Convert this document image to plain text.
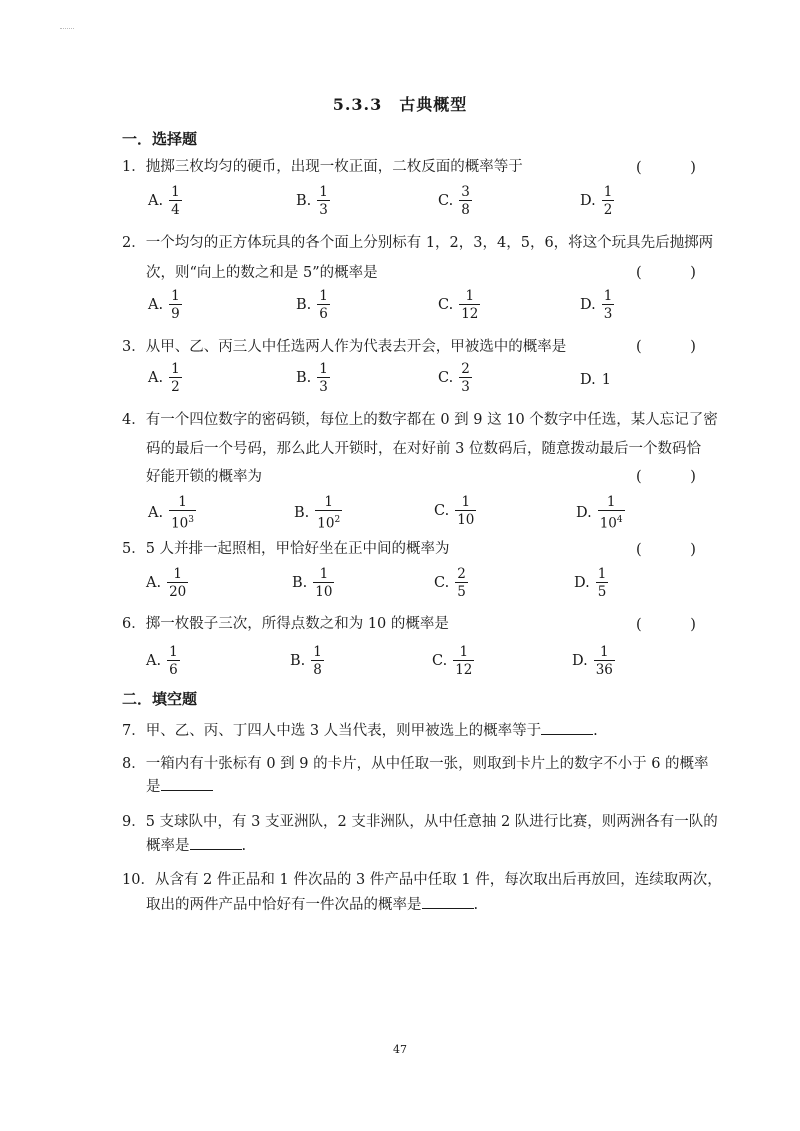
5.3.3　古典概型
一．选择题
1．抛掷三枚均匀的硬币，出现一枚正面，二枚反面的概率等于	( )
A. $\frac{1}{4}$	B. $\frac{1}{3}$	C. $\frac{3}{8}$	D. $\frac{1}{2}$
2．一个均匀的正方体玩具的各个面上分别标有 1，2，3，4，5，6，将这个玩具先后抛掷两
次，则“向上的数之和是 5”的概率是	( )
A. $\frac{1}{9}$	B. $\frac{1}{6}$	C. $\frac{1}{12}$	D. $\frac{1}{3}$
3．从甲、乙、丙三人中任选两人作为代表去开会，甲被选中的概率是	( )
A. $\frac{1}{2}$	B. $\frac{1}{3}$	C. $\frac{2}{3}$	D. 1
4．有一个四位数字的密码锁，每位上的数字都在 0 到 9 这 10 个数字中任选，某人忘记了密
码的最后一个号码，那么此人开锁时，在对好前 3 位数码后，随意拨动最后一个数码恰
好能开锁的概率为	( )
A. $\frac{1}{10^3}$	B. $\frac{1}{10^2}$	C. $\frac{1}{10}$	D. $\frac{1}{10^4}$
5．5 人并排一起照相，甲恰好坐在正中间的概率为	( )
A. $\frac{1}{20}$	B. $\frac{1}{10}$	C. $\frac{2}{5}$	D. $\frac{1}{5}$
6．掷一枚骰子三次，所得点数之和为 10 的概率是	( )
A. $\frac{1}{6}$	B. $\frac{1}{8}$	C. $\frac{1}{12}$	D. $\frac{1}{36}$
二．填空题
7．甲、乙、丙、丁四人中选 3 人当代表，则甲被选上的概率等于	.
8．一箱内有十张标有 0 到 9 的卡片，从中任取一张，则取到卡片上的数字不小于 6 的概率
是
9．5 支球队中，有 3 支亚洲队，2 支非洲队，从中任意抽 2 队进行比赛，则两洲各有一队的
概率是	.
10．从含有 2 件正品和 1 件次品的 3 件产品中任取 1 件，每次取出后再放回，连续取两次，
取出的两件产品中恰好有一件次品的概率是	.
47
